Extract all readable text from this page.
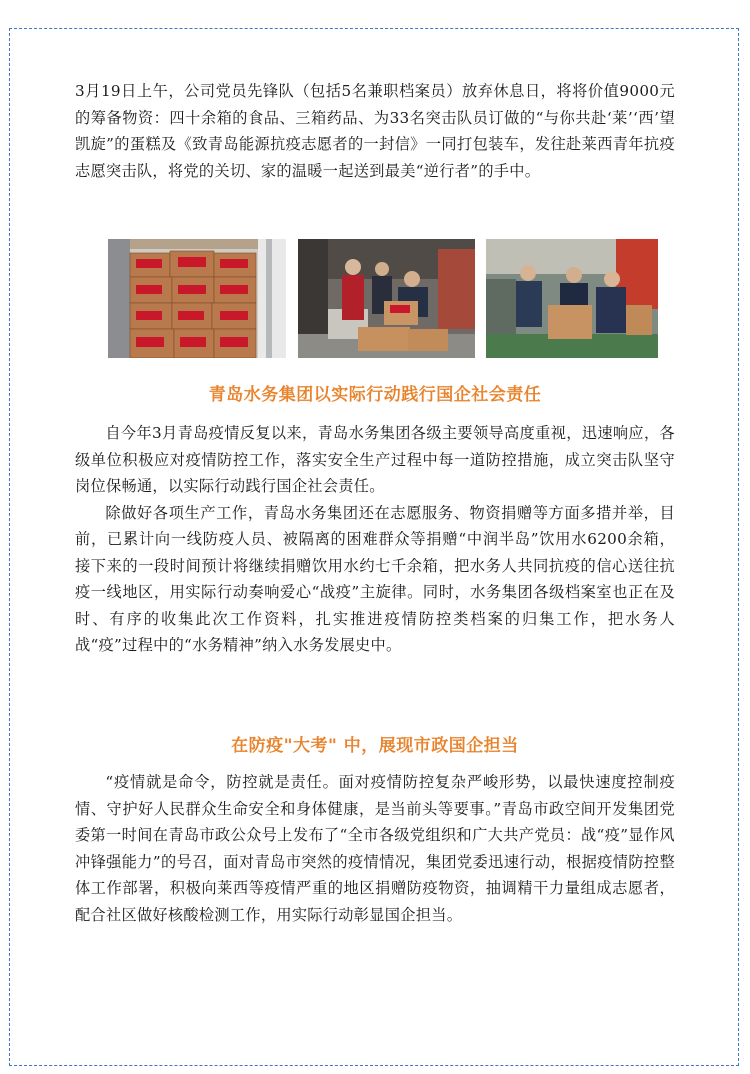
3月19日上午，公司党员先锋队（包括5名兼职档案员）放弃休息日，将将价值9000元的筹备物资：四十余箱的食品、三箱药品、为33名突击队员订做的“与你共赴‘莱’‘西’望凯旋”的蛋糕及《致青岛能源抗疫志愿者的一封信》一同打包装车，发往赴莱西青年抗疫志愿突击队，将党的关切、家的温暖一起送到最美“逆行者”的手中。

青岛水务集团以实际行动践行国企社会责任

自今年3月青岛疫情反复以来，青岛水务集团各级主要领导高度重视，迅速响应，各级单位积极应对疫情防控工作，落实安全生产过程中每一道防控措施，成立突击队坚守岗位保畅通，以实际行动践行国企社会责任。

除做好各项生产工作，青岛水务集团还在志愿服务、物资捐赠等方面多措并举，目前，已累计向一线防疫人员、被隔离的困难群众等捐赠“中润半岛”饮用水6200余箱， 接下来的一段时间预计将继续捐赠饮用水约七千余箱，把水务人共同抗疫的信心送往抗疫一线地区，用实际行动奏响爱心“战疫”主旋律。同时，水务集团各级档案室也正在及时、有序的收集此次工作资料，扎实推进疫情防控类档案的归集工作，把水务人战“疫”过程中的“水务精神”纳入水务发展史中。

在防疫"大考" 中，展现市政国企担当

“疫情就是命令，防控就是责任。面对疫情防控复杂严峻形势，以最快速度控制疫情、守护好人民群众生命安全和身体健康，是当前头等要事。”青岛市政空间开发集团党委第一时间在青岛市政公众号上发布了“全市各级党组织和广大共产党员：战“疫”显作风 冲锋强能力”的号召，面对青岛市突然的疫情情况，集团党委迅速行动，根据疫情防控整体工作部署，积极向莱西等疫情严重的地区捐赠防疫物资，抽调精干力量组成志愿者，配合社区做好核酸检测工作，用实际行动彰显国企担当。
